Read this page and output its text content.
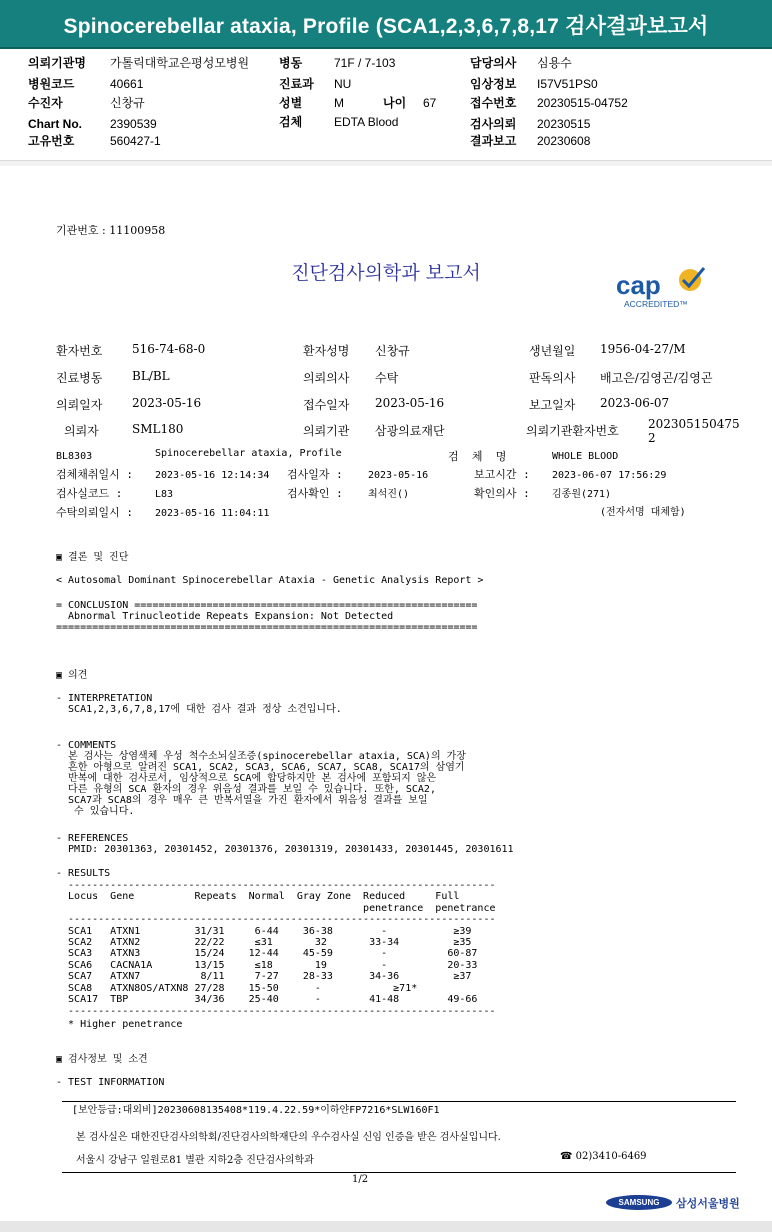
Spinocerebellar ataxia, Profile (SCA1,2,3,6,7,8,17 검사결과보고서
의뢰기관명 가톨릭대학교은평성모병원
병원코드	40661
수진자	신창규
Chart No. 2390539
고유번호	560427-1
병동	71F / 7-103
진료과 NU
성별	M	나이 67
검체	EDTA Blood
담당의사 심용수
임상정보 I57V51PS0
접수번호 20230515-04752
검사의뢰 20230515
결과보고 20230608
기관번호 : 11100958
진단검사의학과 보고서	cap
ACCREDITED™
환자번호 516-74-68-0	환자성명 신창규	생년월일 1956-04-27/M
진료병동 BL/BL	의뢰의사 수탁	판독의사 배고은/김영곤/김영곤
의뢰일자 2023-05-16	접수일자 2023-05-16	보고일자 2023-06-07
의뢰자	SML180	의뢰기관 삼광의료재단	의뢰기관환자번호 202305150475
2
BL8303	Spinocerebellar ataxia, Profile	검  체  명	WHOLE BLOOD
검체채취일시 : 2023-05-16 12:14:34 검사일자 :	2023-05-16	보고시간 : 2023-06-07 17:56:29
검사실코드 :	L83	검사확인 :	최석진()	확인의사 : 김종원(271)
수탁의뢰일시 : 2023-05-16 11:04:11	(전자서명 대체함)
▣ 결론 및 진단
< Autosomal Dominant Spinocerebellar Ataxia - Genetic Analysis Report >
= CONCLUSION =========================================================
Abnormal Trinucleotide Repeats Expansion: Not Detected
======================================================================
▣ 의견
- INTERPRETATION
SCA1,2,3,6,7,8,17에 대한 검사 결과 정상 소견입니다.
- COMMENTS
본 검사는 상염색체 우성 척수소뇌실조증(spinocerebellar ataxia, SCA)의 가장
흔한 아형으로 알려진 SCA1, SCA2, SCA3, SCA6, SCA7, SCA8, SCA17의 삼염기
반복에 대한 검사로서, 임상적으로 SCA에 합당하지만 본 검사에 포함되지 않은
다른 유형의 SCA 환자의 경우 위음성 결과를 보일 수 있습니다. 또한, SCA2,
SCA7과 SCA8의 경우 매우 큰 반복서열을 가진 환자에서 위음성 결과를 보일
수 있습니다.
- REFERENCES
PMID: 20301363, 20301452, 20301376, 20301319, 20301433, 20301445, 20301611
- RESULTS
-----------------------------------------------------------------------
Locus  Gene          Repeats  Normal  Gray Zone  Reduced     Full
penetrance  penetrance
-----------------------------------------------------------------------
SCA1   ATXN1         31/31     6-44    36-38        -           ≥39
SCA2   ATXN2         22/22     ≤31       32       33-34         ≥35
SCA3   ATXN3         15/24    12-44    45-59        -          60-87
SCA6   CACNA1A       13/15     ≤18       19         -          20-33
SCA7   ATXN7          8/11     7-27    28-33      34-36         ≥37
SCA8   ATXN8OS/ATXN8 27/28    15-50      -            ≥71*
SCA17  TBP           34/36    25-40      -        41-48        49-66
-----------------------------------------------------------------------
* Higher penetrance
▣ 검사정보 및 소견
- TEST INFORMATION
[보안등급:대외비]20230608135408*119.4.22.59*이하얀FP7216*SLW160F1
본 검사실은 대한진단검사의학회/진단검사의학재단의 우수검사실 신임 인증을 받은 검사실입니다.
서울시 강남구 일원로81 별관 지하2층 진단검사의학과	☎ 02)3410-6469
1/2
SAMSUNG	삼성서울병원
